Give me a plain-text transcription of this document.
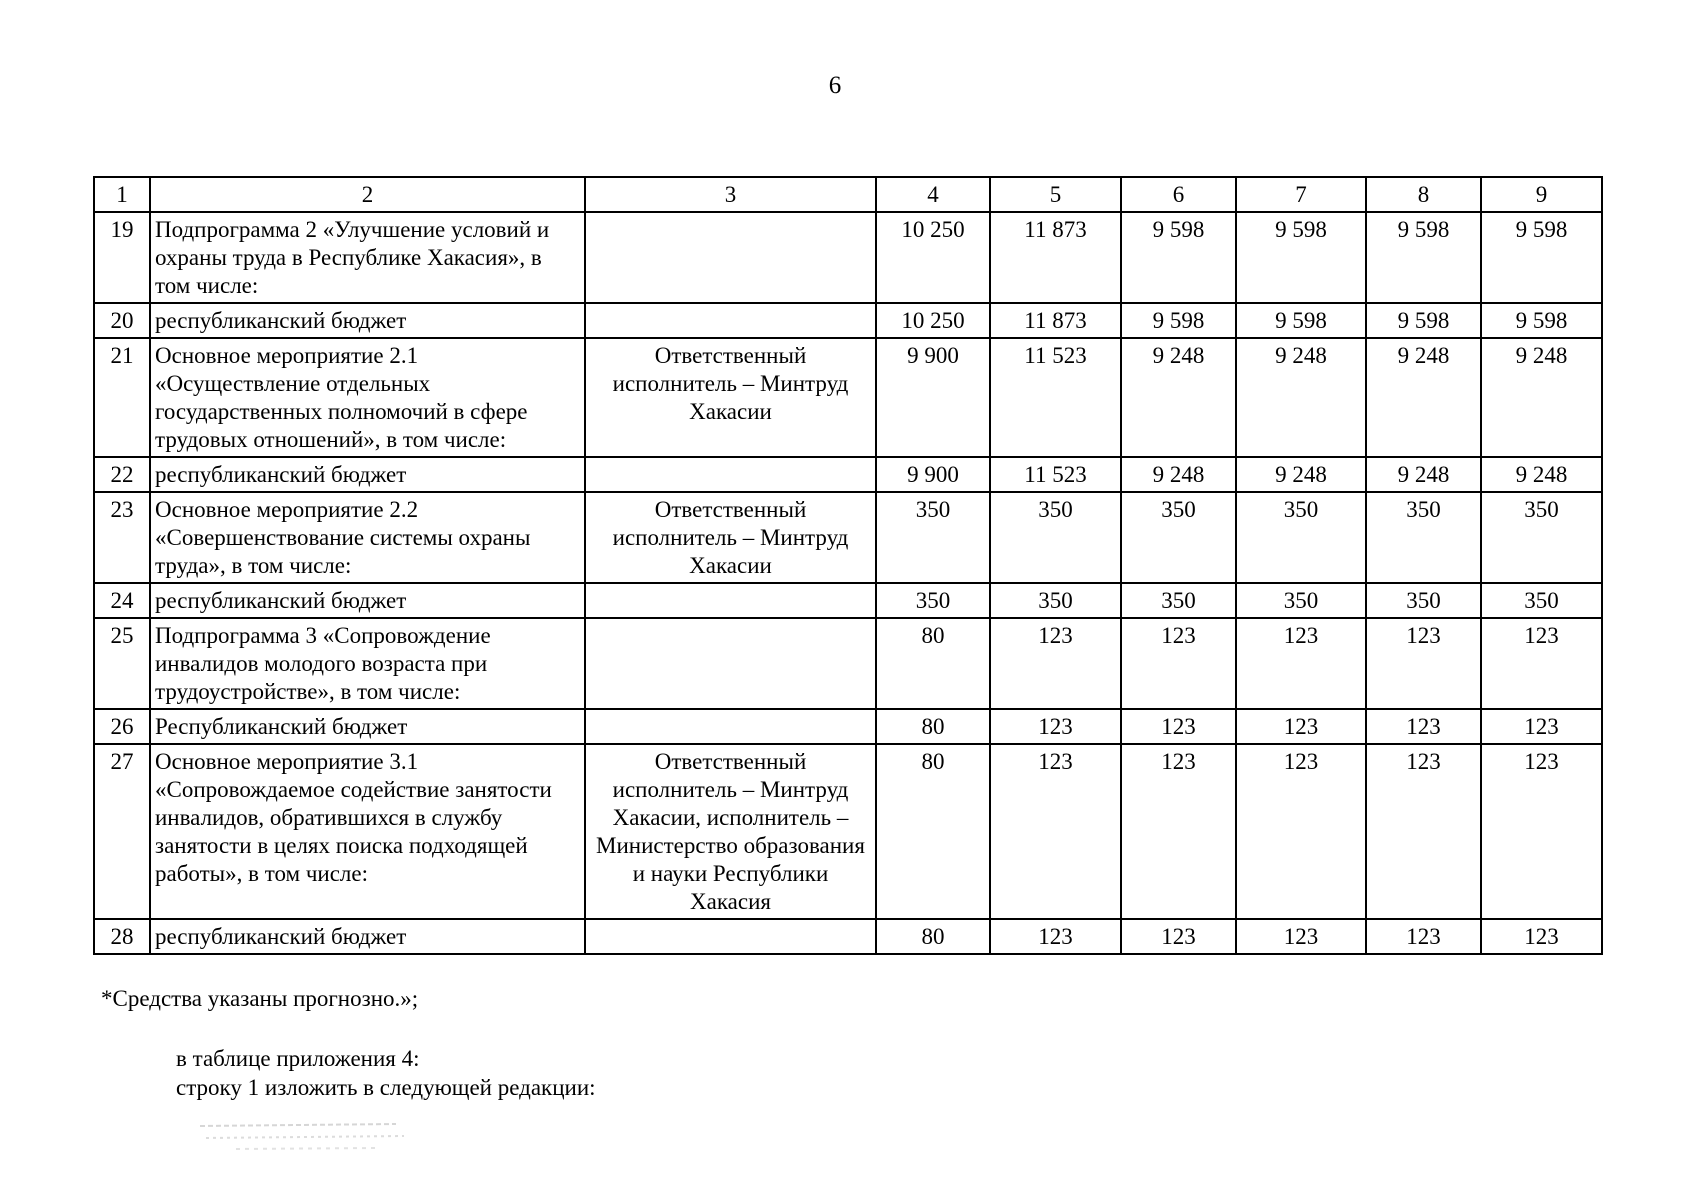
6
1	2	3	4	5	6	7	8	9
19	Подпрограмма 2 «Улучшение условий и охраны труда в Республике Хакасия», в том числе:		10 250	11 873	9 598	9 598	9 598	9 598
20	республиканский бюджет		10 250	11 873	9 598	9 598	9 598	9 598
21	Основное мероприятие 2.1 «Осуществление отдельных государственных полномочий в сфере трудовых отношений», в том числе:	Ответственный исполнитель – Минтруд Хакасии	9 900	11 523	9 248	9 248	9 248	9 248
22	республиканский бюджет		9 900	11 523	9 248	9 248	9 248	9 248
23	Основное мероприятие 2.2 «Совершенствование системы охраны труда», в том числе:	Ответственный исполнитель – Минтруд Хакасии	350	350	350	350	350	350
24	республиканский бюджет		350	350	350	350	350	350
25	Подпрограмма 3 «Сопровождение инвалидов молодого возраста при трудоустройстве», в том числе:		80	123	123	123	123	123
26	Республиканский бюджет		80	123	123	123	123	123
27	Основное мероприятие 3.1 «Сопровождаемое содействие занятости инвалидов, обратившихся в службу занятости в целях поиска подходящей работы», в том числе:	Ответственный исполнитель – Минтруд Хакасии, исполнитель – Министерство образования и науки Республики Хакасия	80	123	123	123	123	123
28	республиканский бюджет		80	123	123	123	123	123
*Средства указаны прогнозно.»;
в таблице приложения 4:
строку 1 изложить в следующей редакции:
